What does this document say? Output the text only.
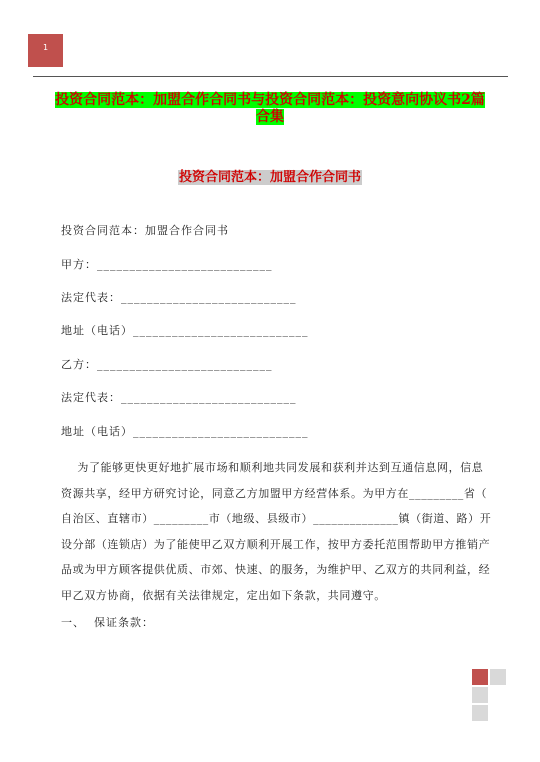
1
投资合同范本：加盟合作合同书与投资合同范本：投资意向协议书2篇
合集
投资合同范本：加盟合作合同书
投资合同范本：加盟合作合同书
甲方：___________________________
法定代表：___________________________
地址（电话）___________________________
乙方：___________________________
法定代表：___________________________
地址（电话）___________________________
为了能够更快更好地扩展市场和顺利地共同发展和获利并达到互通信息网，信息
资源共享，经甲方研究讨论，同意乙方加盟甲方经营体系。为甲方在_________省（
自治区、直辖市）_________市（地级、县级市）______________镇（街道、路）开
设分部（连锁店）为了能使甲乙双方顺利开展工作，按甲方委托范围帮助甲方推销产
品或为甲方顾客提供优质、市郊、快速、的服务，为维护甲、乙双方的共同利益，经
甲乙双方协商，依据有关法律规定，定出如下条款，共同遵守。
一、  保证条款：
